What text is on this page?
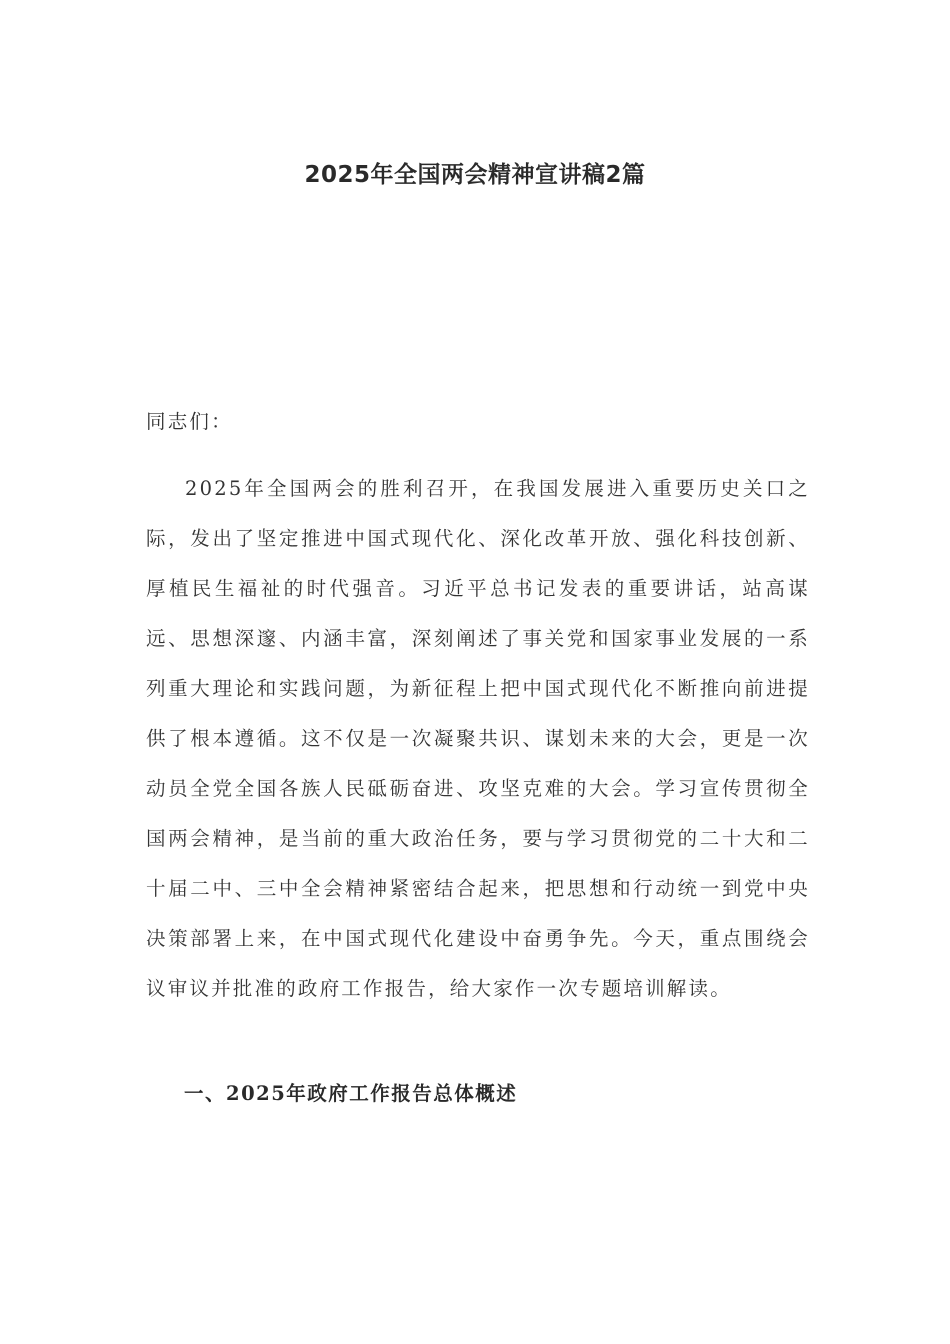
2025年全国两会精神宣讲稿2篇
同志们：
2025年全国两会的胜利召开，在我国发展进入重要历史关口之际，发出了坚定推进中国式现代化、深化改革开放、强化科技创新、厚植民生福祉的时代强音。习近平总书记发表的重要讲话，站高谋远、思想深邃、内涵丰富，深刻阐述了事关党和国家事业发展的一系列重大理论和实践问题，为新征程上把中国式现代化不断推向前进提供了根本遵循。这不仅是一次凝聚共识、谋划未来的大会，更是一次动员全党全国各族人民砥砺奋进、攻坚克难的大会。学习宣传贯彻全国两会精神，是当前的重大政治任务，要与学习贯彻党的二十大和二十届二中、三中全会精神紧密结合起来，把思想和行动统一到党中央决策部署上来，在中国式现代化建设中奋勇争先。今天，重点围绕会议审议并批准的政府工作报告，给大家作一次专题培训解读。
一、2025年政府工作报告总体概述
